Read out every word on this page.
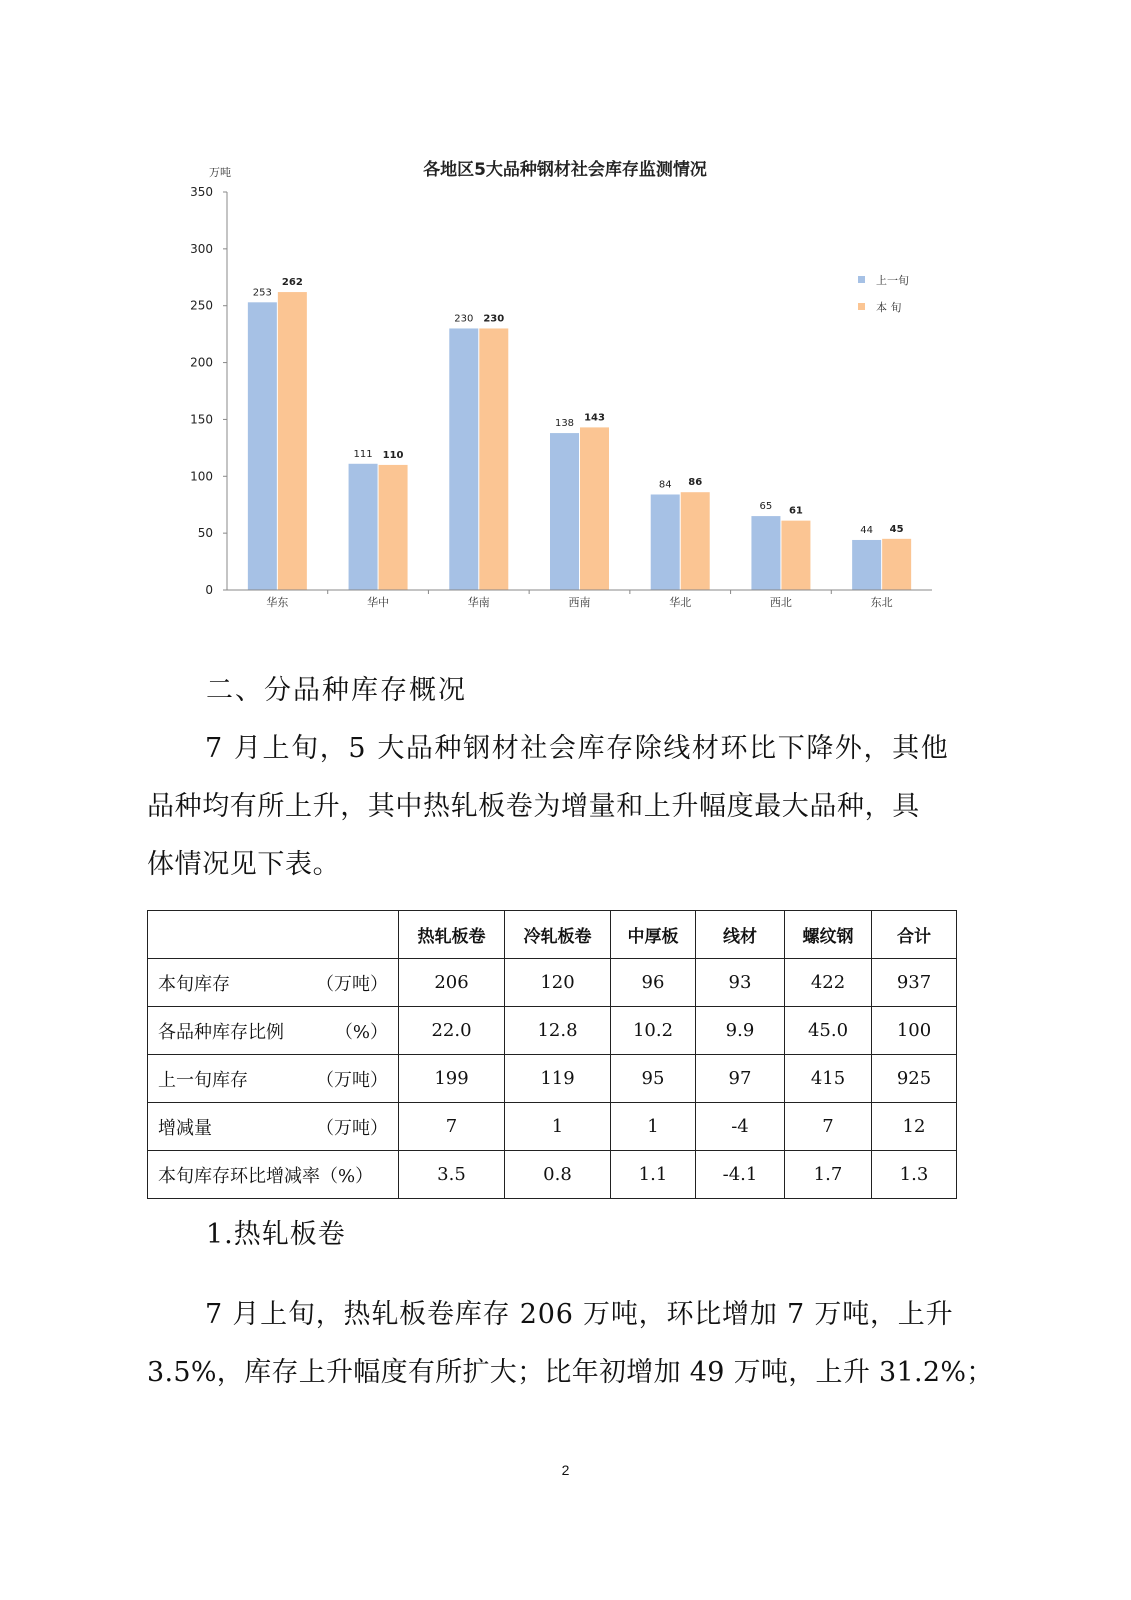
各地区5大品种钢材社会库存监测情况
万吨
0
50
100
150
200
250
300
350
253
262
111 110
230 230
138
143
84 86
65 61
44 45
华东	华中	华南	西南	华北	西北	东北
上一旬
本 旬
二、分品种库存概况
7 月上旬，5 大品种钢材社会库存除线材环比下降外，其他
品种均有所上升，其中热轧板卷为增量和上升幅度最大品种，具
体情况见下表。
	热轧板卷	冷轧板卷	中厚板	线材	螺纹钢	合计

本旬库存 （万吨）	206	120	96	93	422	937

各品种库存比例 （%）	22.0	12.8	10.2	9.9	45.0	100

上一旬库存 （万吨）	199	119	95	97	415	925

增减量 （万吨）	7	1	1	-4	7	12

本旬库存环比增减率（%）	3.5	0.8	1.1	-4.1	1.7	1.3
1.热轧板卷
7 月上旬，热轧板卷库存 206 万吨，环比增加 7 万吨，上升
3.5%，库存上升幅度有所扩大；比年初增加 49 万吨，上升 31.2%；
2
